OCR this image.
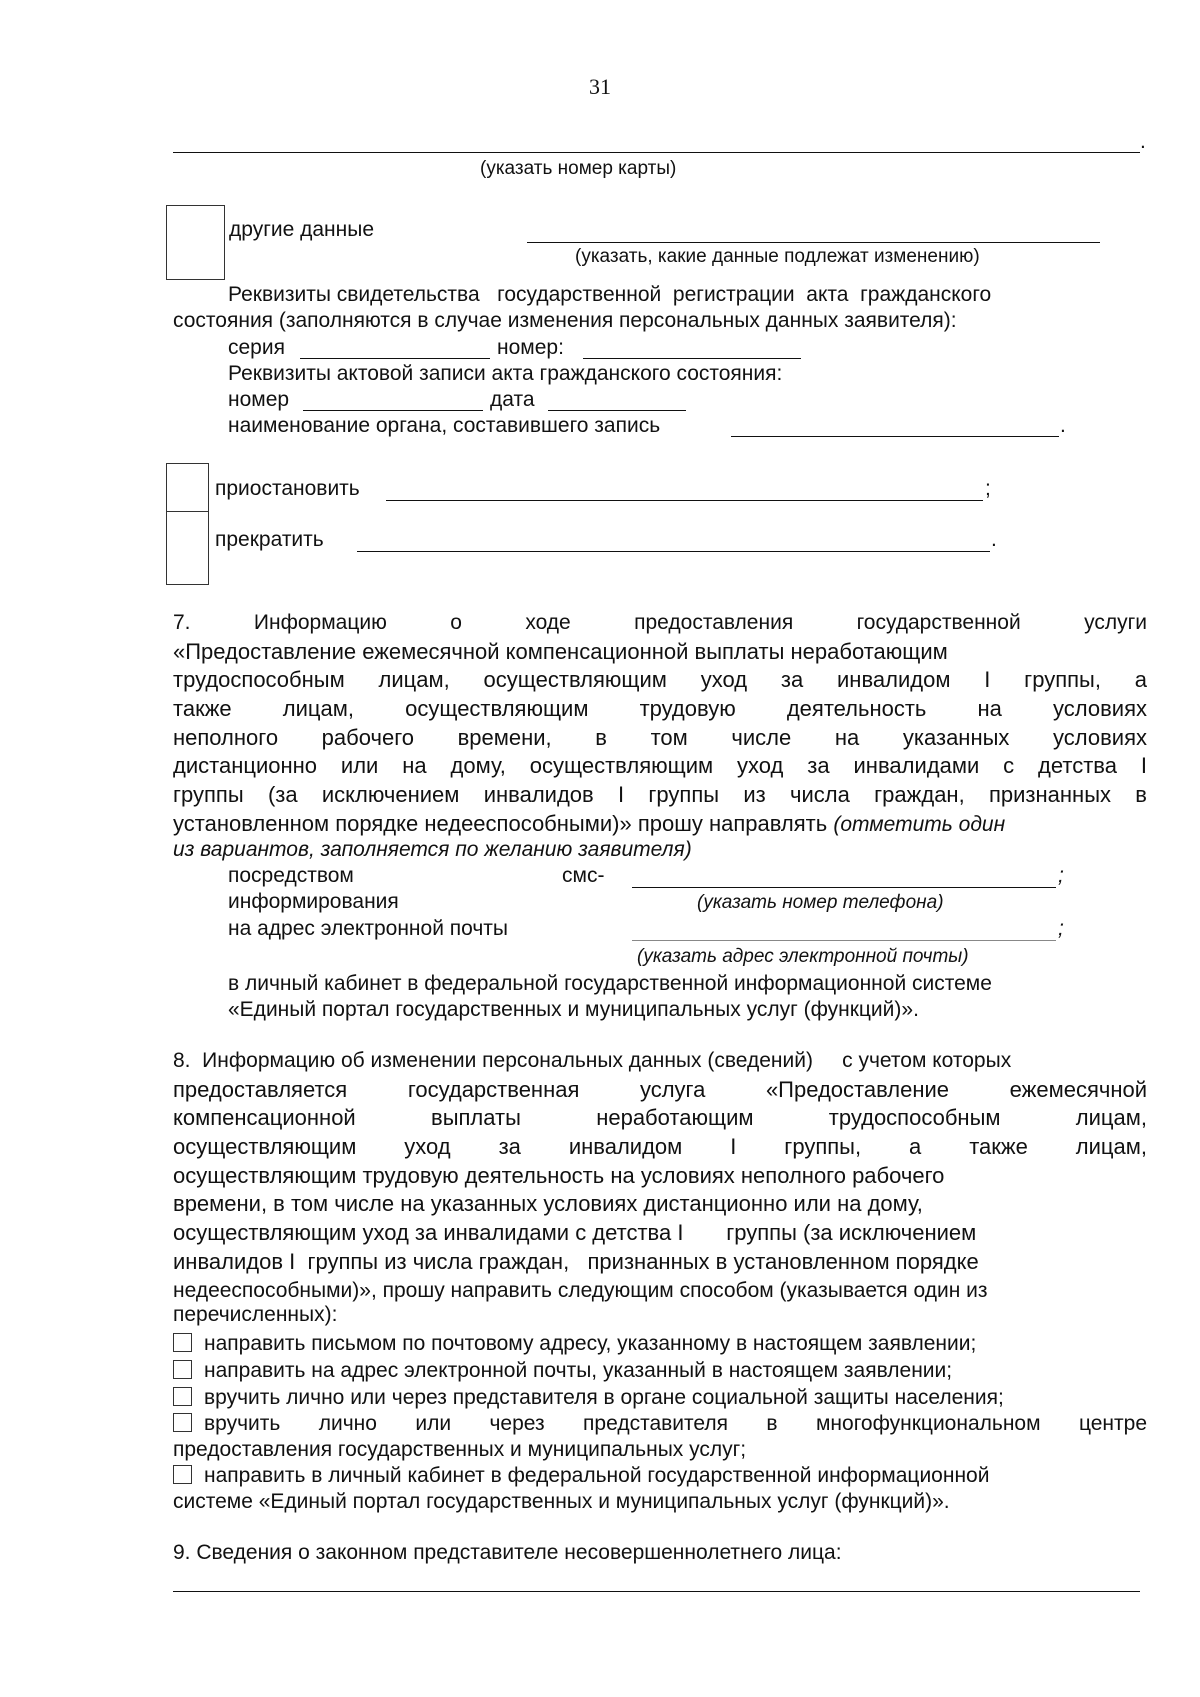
31
.
(указать номер карты)
другие данные
(указать, какие данные подлежат изменению)
Реквизиты свидетельства   государственной  регистрации  акта  гражданского
состояния (заполняются в случае изменения персональных данных заявителя):
серия	номер:
Реквизиты актовой записи акта гражданского состояния:
номер	дата
наименование органа, составившего запись	.
приостановить	;
прекратить	.
7. Информацию о ходе предоставления государственной услуги
«Предоставление ежемесячной компенсационной выплаты неработающим
трудоспособным лицам, осуществляющим уход за инвалидом I группы, а
также лицам, осуществляющим трудовую деятельность на условиях
неполного рабочего времени, в том числе на указанных условиях
дистанционно или на дому, осуществляющим уход за инвалидами с детства I
группы (за исключением инвалидов I группы из числа граждан, признанных в
установленном порядке недееспособными)» прошу направлять (отметить один
из вариантов, заполняется по желанию заявителя)
посредством	смс-
информирования
;
(указать номер телефона)
на адрес электронной почты	;
(указать адрес электронной почты)
в личный кабинет в федеральной государственной информационной системе
«Единый портал государственных и муниципальных услуг (функций)».
8.  Информацию об изменении персональных данных (сведений)     с учетом которых
предоставляется государственная услуга «Предоставление ежемесячной
компенсационной выплаты неработающим трудоспособным лицам,
осуществляющим уход за инвалидом I группы, а также лицам,
осуществляющим трудовую деятельность на условиях неполного рабочего
времени, в том числе на указанных условиях дистанционно или на дому,
осуществляющим уход за инвалидами с детства I       группы (за исключением
инвалидов I  группы из числа граждан,   признанных в установленном порядке
недееспособными)», прошу направить следующим способом (указывается один из
перечисленных):
направить письмом по почтовому адресу, указанному в настоящем заявлении;
направить на адрес электронной почты, указанный в настоящем заявлении;
вручить лично или через представителя в органе социальной защиты населения;
вручить лично или через представителя в многофункциональном центре
предоставления государственных и муниципальных услуг;
направить в личный кабинет в федеральной государственной информационной
системе «Единый портал государственных и муниципальных услуг (функций)».
9. Сведения о законном представителе несовершеннолетнего лица:
